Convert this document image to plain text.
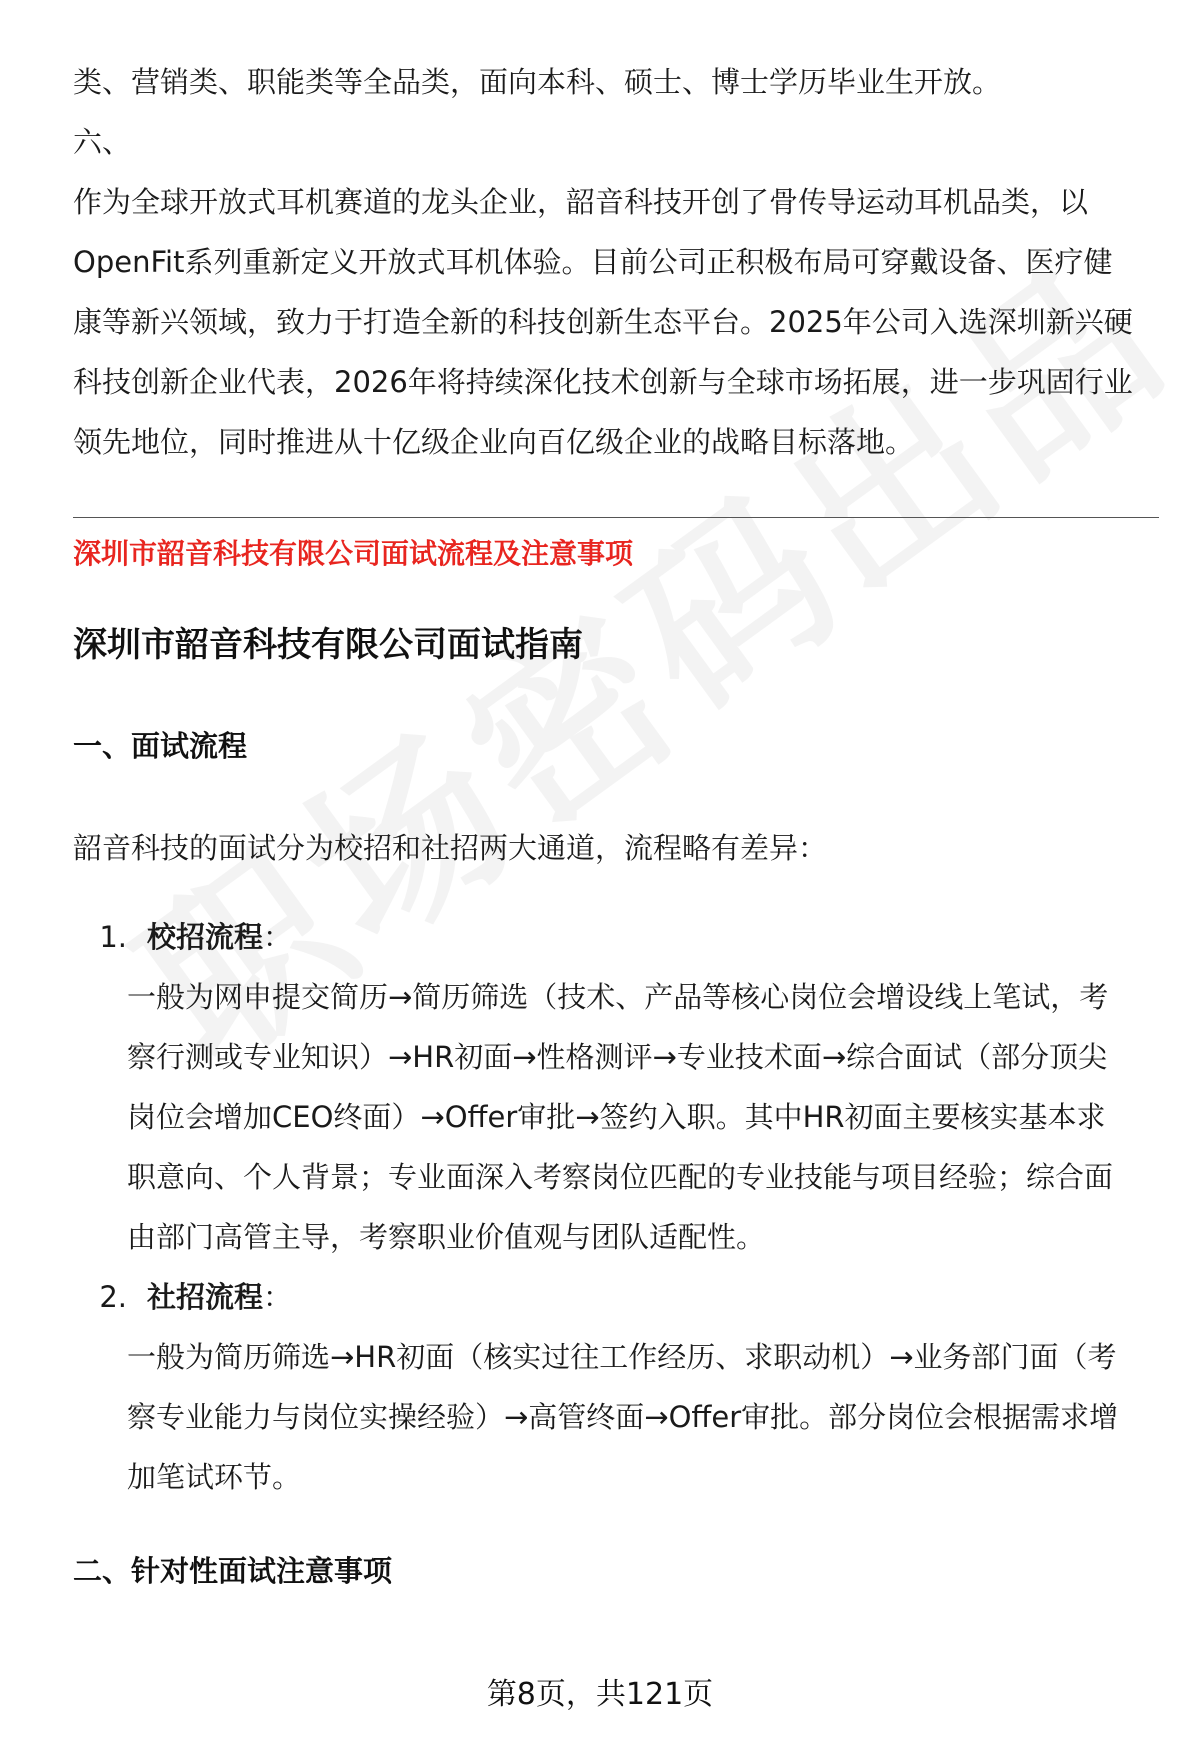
类、营销类、职能类等全品类，面向本科、硕士、博士学历毕业生开放。
六、
作为全球开放式耳机赛道的龙头企业，韶音科技开创了骨传导运动耳机品类，以
OpenFit系列重新定义开放式耳机体验。目前公司正积极布局可穿戴设备、医疗健
康等新兴领域，致力于打造全新的科技创新生态平台。2025年公司入选深圳新兴硬
科技创新企业代表，2026年将持续深化技术创新与全球市场拓展，进一步巩固行业
领先地位，同时推进从十亿级企业向百亿级企业的战略目标落地。
深圳市韶音科技有限公司面试流程及注意事项
深圳市韶音科技有限公司面试指南
一、面试流程
韶音科技的面试分为校招和社招两大通道，流程略有差异：
1. 校招流程：
一般为网申提交简历→简历筛选（技术、产品等核心岗位会增设线上笔试，考
察行测或专业知识）→HR初面→性格测评→专业技术面→综合面试（部分顶尖
岗位会增加CEO终面）→Offer审批→签约入职。其中HR初面主要核实基本求
职意向、个人背景；专业面深入考察岗位匹配的专业技能与项目经验；综合面
由部门高管主导，考察职业价值观与团队适配性。
2. 社招流程：
一般为简历筛选→HR初面（核实过往工作经历、求职动机）→业务部门面（考
察专业能力与岗位实操经验）→高管终面→Offer审批。部分岗位会根据需求增
加笔试环节。
二、针对性面试注意事项
第8页，共121页
